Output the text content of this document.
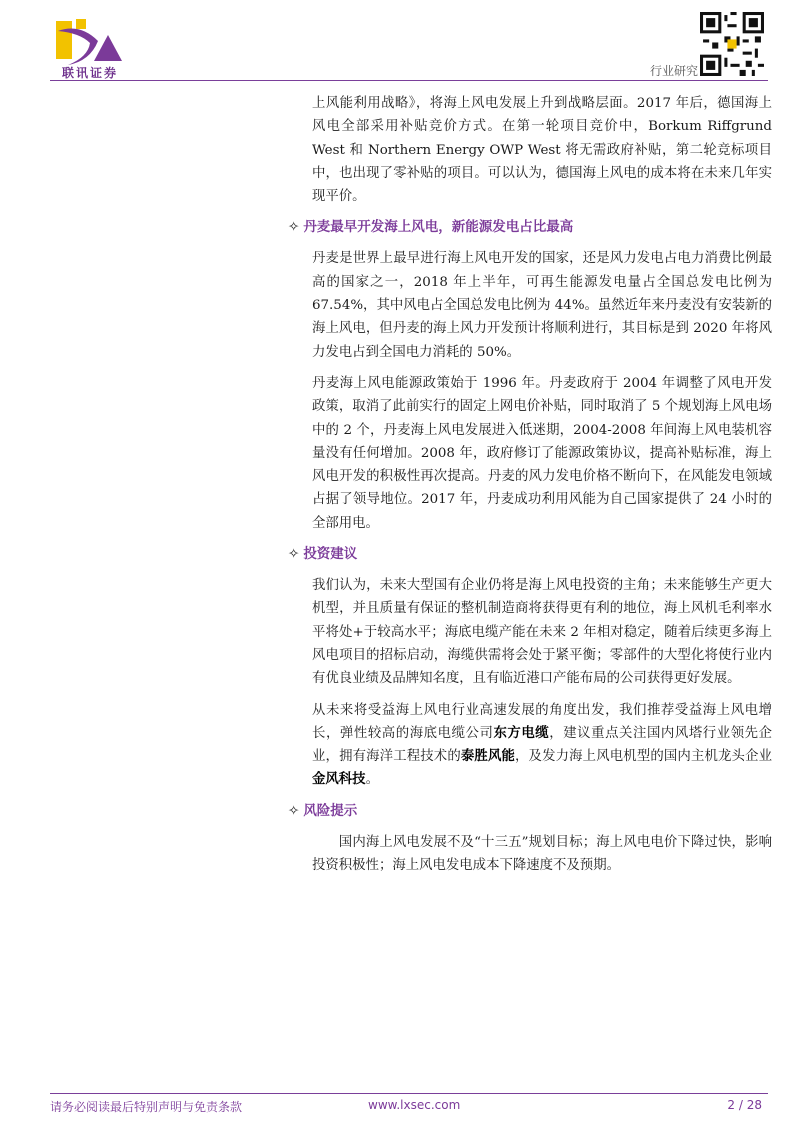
联讯证券	行业研究

上风能利用战略》，将海上风电发展上升到战略层面。2017 年后，德国海上风电全部采用补贴竞价方式。在第一轮项目竞价中，Borkum Riffgrund West 和 Northern Energy OWP West 将无需政府补贴，第二轮竞标项目中，也出现了零补贴的项目。可以认为，德国海上风电的成本将在未来几年实现平价。

✧ 丹麦最早开发海上风电，新能源发电占比最高

丹麦是世界上最早进行海上风电开发的国家，还是风力发电占电力消费比例最高的国家之一，2018 年上半年，可再生能源发电量占全国总发电比例为 67.54%，其中风电占全国总发电比例为 44%。虽然近年来丹麦没有安装新的海上风电，但丹麦的海上风力开发预计将顺利进行，其目标是到 2020 年将风力发电占到全国电力消耗的 50%。

丹麦海上风电能源政策始于 1996 年。丹麦政府于 2004 年调整了风电开发政策，取消了此前实行的固定上网电价补贴，同时取消了 5 个规划海上风电场中的 2 个，丹麦海上风电发展进入低迷期，2004-2008 年间海上风电装机容量没有任何增加。2008 年，政府修订了能源政策协议，提高补贴标准，海上风电开发的积极性再次提高。丹麦的风力发电价格不断向下，在风能发电领域占据了领导地位。2017 年，丹麦成功利用风能为自己国家提供了 24 小时的全部用电。

✧ 投资建议

我们认为，未来大型国有企业仍将是海上风电投资的主角；未来能够生产更大机型，并且质量有保证的整机制造商将获得更有利的地位，海上风机毛利率水平将处+于较高水平；海底电缆产能在未来 2 年相对稳定，随着后续更多海上风电项目的招标启动，海缆供需将会处于紧平衡；零部件的大型化将使行业内有优良业绩及品牌知名度，且有临近港口产能布局的公司获得更好发展。

从未来将受益海上风电行业高速发展的角度出发，我们推荐受益海上风电增长，弹性较高的海底电缆公司东方电缆，建议重点关注国内风塔行业领先企业，拥有海洋工程技术的泰胜风能，及发力海上风电机型的国内主机龙头企业金风科技。

✧ 风险提示

国内海上风电发展不及“十三五”规划目标；海上风电电价下降过快，影响投资积极性；海上风电发电成本下降速度不及预期。

请务必阅读最后特别声明与免责条款	www.lxsec.com	2 / 28
